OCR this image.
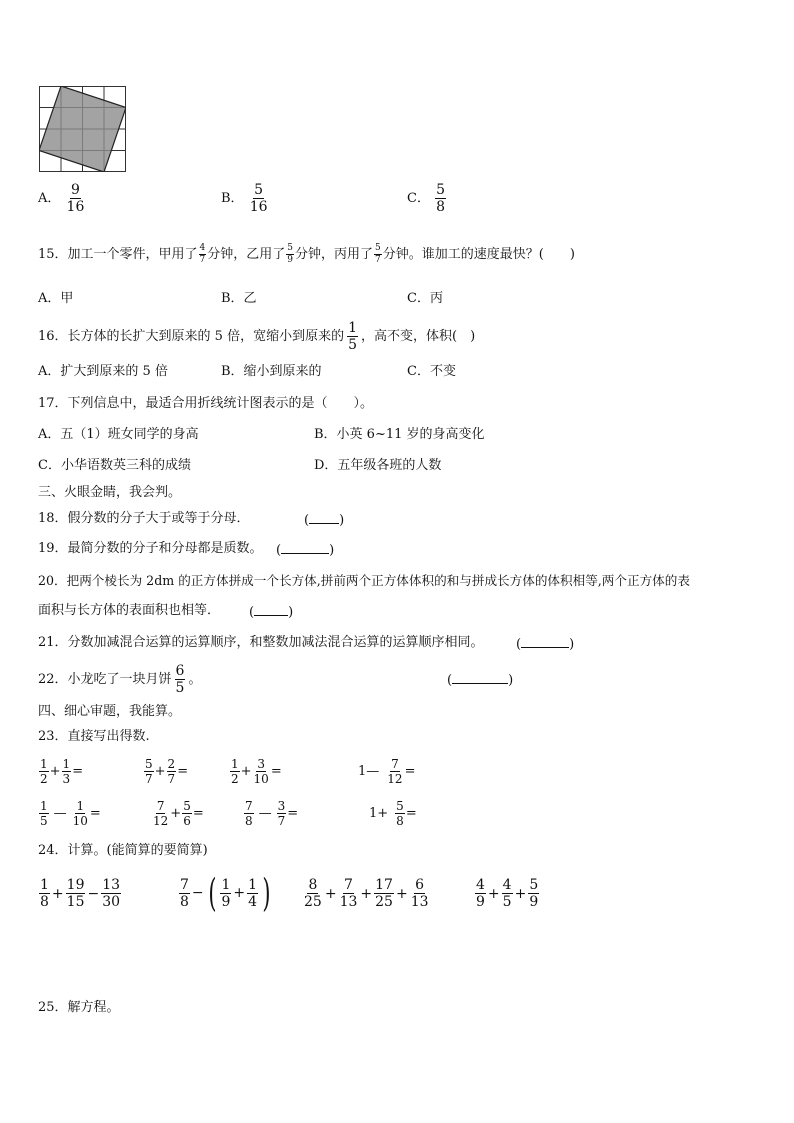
A． $\frac{9}{16}$	B． $\frac{5}{16}$	C． $\frac{5}{8}$
15．加工一个零件，甲用了 $\frac{4}{7}$ 分钟，乙用了 $\frac{5}{9}$ 分钟，丙用了 $\frac{5}{7}$ 分钟。谁加工的速度最快？(　　)
A．甲	B．乙	C．丙
16．长方体的长扩大到原来的 5 倍，宽缩小到原来的 $\frac{1}{5}$ ，高不变，体积(　)
A．扩大到原来的 5 倍	B．缩小到原来的	C．不变
17．下列信息中，最适合用折线统计图表示的是（　　）。
A．五（1）班女同学的身高	B．小英 6~11 岁的身高变化
C．小华语数英三科的成绩	D．五年级各班的人数
三、火眼金睛，我会判。
18．假分数的分子大于或等于分母．	( )
19．最简分数的分子和分母都是质数。 (	)
20．把两个棱长为 2dm 的正方体拼成一个长方体,拼前两个正方体体积的和与拼成长方体的体积相等,两个正方体的表
面积与长方体的表面积也相等． (	)
21．分数加减混合运算的运算顺序，和整数加减法混合运算的运算顺序相同。 (	)
22．小龙吃了一块月饼 $\frac{6}{5}$ 。	(	)
四、细心审题，我能算。
23．直接写出得数.
$\frac{1}{2} + \frac{1}{3}$ =	$\frac{5}{7} + \frac{2}{7}$ =	$\frac{1}{2} + \frac{3}{10}$ =	1— $\frac{7}{12}$ =
$\frac{1}{5}$ — $\frac{1}{10}$ =	$\frac{7}{12} + \frac{5}{6}$ =	$\frac{7}{8}$ — $\frac{3}{7}$ =	$1+ \frac{5}{8}$ =
24．计算。(能简算的要简算)
$\frac{1}{8} + \frac{19}{15} - \frac{13}{30}$	$\frac{7}{8}$ − ( $\frac{1}{9} + \frac{1}{4}$ ) $\frac{8}{25} + \frac{7}{13} + \frac{17}{25} + \frac{6}{13}$	$\frac{4}{9} + \frac{4}{5} + \frac{5}{9}$
25．解方程。
